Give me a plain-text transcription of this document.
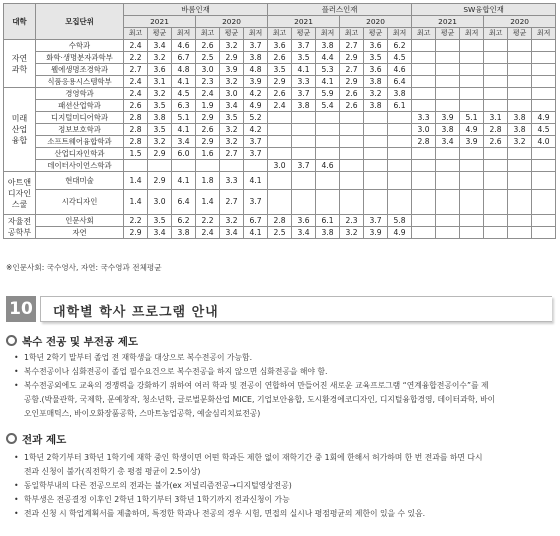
대학	모집단위	바롬인재						플러스인재						SW융합인재					
		2021			2020			2021			2020			2021			2020		
		최고	평균	최저	최고	평균	최저	최고	평균	최저	최고	평균	최저	최고	평균	최저	최고	평균	최저
자연
과학	수학과	2.4	3.4	4.6	2.6	3.2	3.7	3.6	3.7	3.8	2.7	3.6	6.2						
	화학·생명분자과학부	2.2	3.2	6.7	2.5	2.9	3.8	2.6	3.5	4.4	2.9	3.5	4.5						
	웰에생명조경학과	2.7	3.6	4.8	3.0	3.9	4.8	3.5	4.1	5.3	2.7	3.6	4.6						
	식품응용시스템학부	2.4	3.1	4.1	2.3	3.2	3.9	2.9	3.3	4.1	2.9	3.8	6.4						
미래
산업
융합	경영학과	2.4	3.2	4.5	2.4	3.0	4.2	2.6	3.7	5.9	2.6	3.2	3.8						
	패션산업학과	2.6	3.5	6.3	1.9	3.4	4.9	2.4	3.8	5.4	2.6	3.8	6.1						
	디지털미디어학과	2.8	3.8	5.1	2.9	3.5	5.2							3.3	3.9	5.1	3.1	3.8	4.9
	정보보호학과	2.8	3.5	4.1	2.6	3.2	4.2							3.0	3.8	4.9	2.8	3.8	4.5
	소프트웨어융합학과	2.8	3.2	3.4	2.9	3.2	3.7							2.8	3.4	3.9	2.6	3.2	4.0
	산업디자인학과	1.5	2.9	6.0	1.6	2.7	3.7												
	데이터사이언스학과							3.0	3.7	4.6									
아트앤
디자인
스쿨	현대미술	1.4	2.9	4.1	1.8	3.3	4.1												
	시각디자인	1.4	3.0	6.4	1.4	2.7	3.7												
자율전
공학부	인문사회	2.2	3.5	6.2	2.2	3.2	6.7	2.8	3.6	6.1	2.3	3.7	5.8						
	자연	2.9	3.4	3.8	2.4	3.4	4.1	2.5	3.4	3.8	3.2	3.9	4.9						
※인문사회: 국수영사, 자연: 국수영과 전체평균
10 대학별 학사 프로그램 안내
복수 전공 및 부전공 제도
• 1학년 2학기 말부터 졸업 전 재학생을 대상으로 복수전공이 가능함.
• 복수전공이나 심화전공이 졸업 필수요건으로 복수전공을 하지 않으면 심화전공을 해야 함.
• 복수전공외에도 교육의 경쟁력을 강화하기 위하여 여러 학과 및 전공이 연합하여 만들어진 새로운 교육프로그램 “연계융합전공이수”를 제
공함.(박물관학, 국제학, 문예창작, 청소년학, 글로벌문화산업 MICE, 기업보안융합, 도시환경에코디자인, 디지털융합경영, 데이터과학, 바이
오인포매틱스, 바이오화장품공학, 스마트농업공학, 예술심리치료전공)
전과 제도
• 1학년 2학기부터 3학년 1학기에 재학 중인 학생이면 어떤 학과든 제한 없이 재학기간 중 1회에 한해서 허가하며 한 번 전과를 하면 다시
전과 신청이 불가(직전학기 총 평점 평균이 2.5이상)
• 동일학부내의 다른 전공으로의 전과는 불가(ex 저널리즘전공→디지털영상전공)
• 학부생은 전공결정 이후인 2학년 1학기부터 3학년 1학기까지 전과신청이 가능
• 전과 신청 시 학업계획서를 제출하며, 특정한 학과나 전공의 경우 시험, 면접의 실시나 평점평균의 제한이 있을 수 있음.
